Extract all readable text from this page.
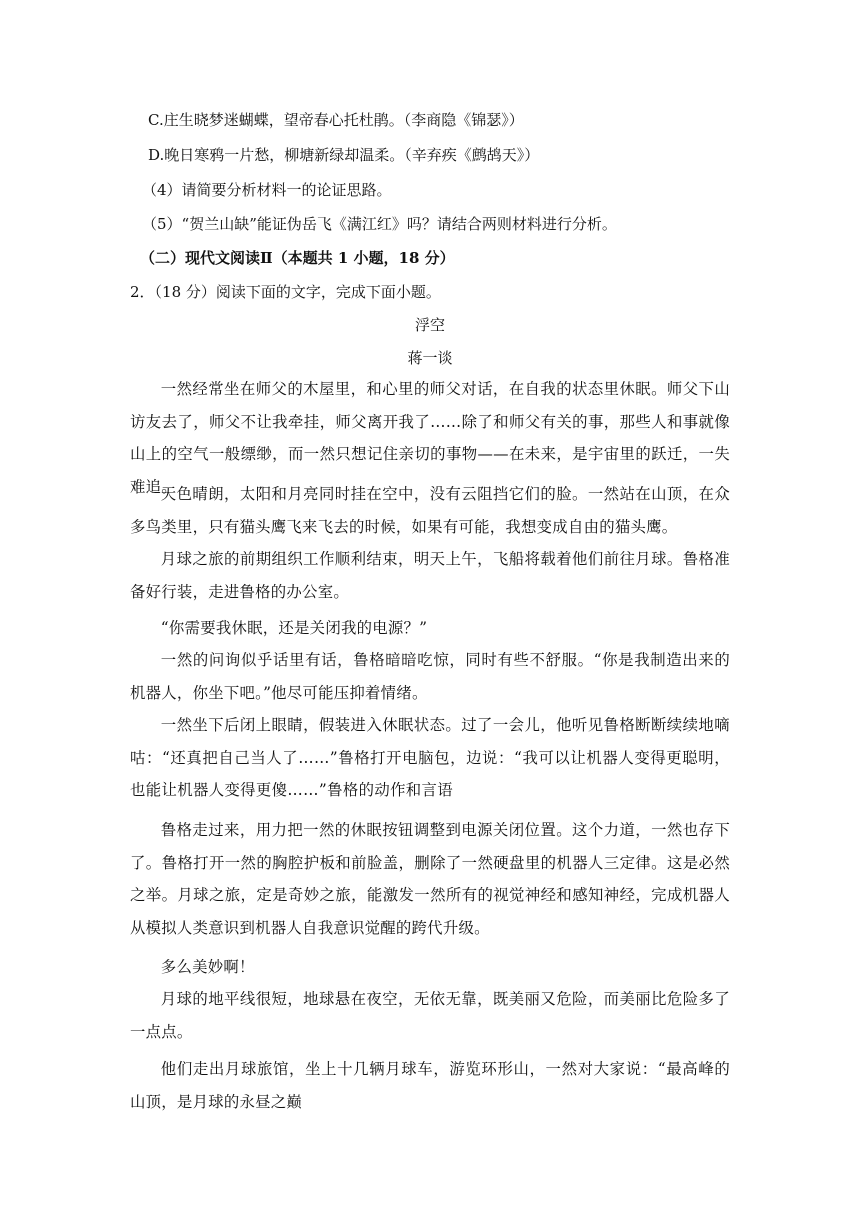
C.庄生晓梦迷蝴蝶，望帝春心托杜鹃。（李商隐《锦瑟》）
D.晚日寒鸦一片愁，柳塘新绿却温柔。（辛弃疾《鹧鸪天》）
（4）请简要分析材料一的论证思路。
（5）“贺兰山缺”能证伪岳飞《满江红》吗？请结合两则材料进行分析。
（二）现代文阅读Ⅱ（本题共 1 小题，18 分）
2．（18 分）阅读下面的文字，完成下面小题。
浮空
蒋一谈
一然经常坐在师父的木屋里，和心里的师父对话，在自我的状态里休眠。师父下山访友去了，师父不让我牵挂，师父离开我了……除了和师父有关的事，那些人和事就像山上的空气一般缥缈，而一然只想记住亲切的事物——在未来，是宇宙里的跃迁，一失难追。
天色晴朗，太阳和月亮同时挂在空中，没有云阻挡它们的脸。一然站在山顶，在众多鸟类里，只有猫头鹰飞来飞去的时候，如果有可能，我想变成自由的猫头鹰。
月球之旅的前期组织工作顺利结束，明天上午，飞船将载着他们前往月球。鲁格准备好行装，走进鲁格的办公室。
“你需要我休眠，还是关闭我的电源？”
一然的问询似乎话里有话，鲁格暗暗吃惊，同时有些不舒服。“你是我制造出来的机器人，你坐下吧。”他尽可能压抑着情绪。
一然坐下后闭上眼睛，假装进入休眠状态。过了一会儿，他听见鲁格断断续续地嘀咕：“还真把自己当人了……”鲁格打开电脑包，边说：“我可以让机器人变得更聪明，也能让机器人变得更傻……”鲁格的动作和言语
鲁格走过来，用力把一然的休眠按钮调整到电源关闭位置。这个力道，一然也存下了。鲁格打开一然的胸腔护板和前脸盖，删除了一然硬盘里的机器人三定律。这是必然之举。月球之旅，定是奇妙之旅，能激发一然所有的视觉神经和感知神经，完成机器人从模拟人类意识到机器人自我意识觉醒的跨代升级。
多么美妙啊！
月球的地平线很短，地球悬在夜空，无依无靠，既美丽又危险，而美丽比危险多了一点点。
他们走出月球旅馆，坐上十几辆月球车，游览环形山，一然对大家说：“最高峰的山顶，是月球的永昼之巅
